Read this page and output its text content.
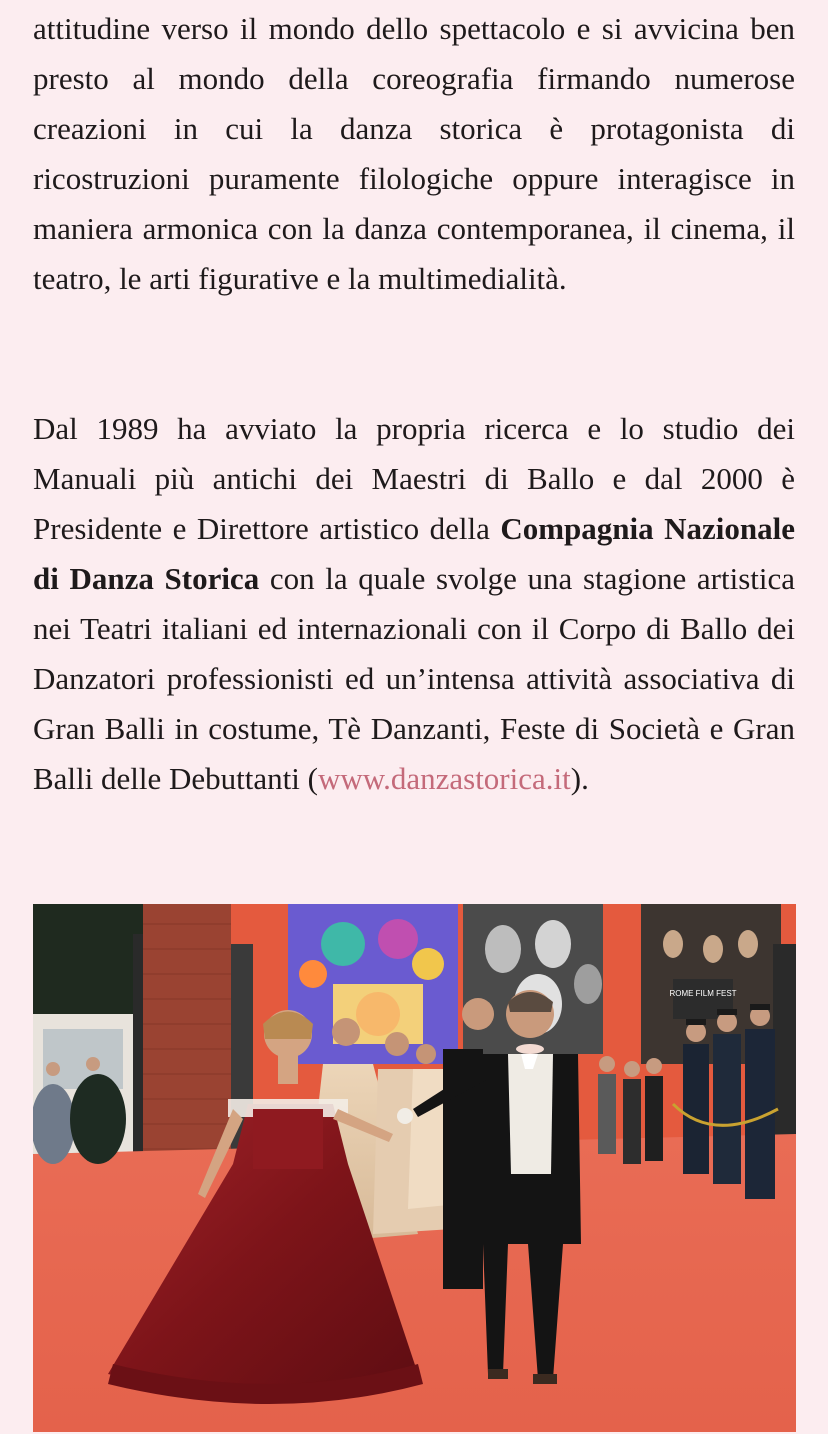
attitudine verso il mondo dello spettacolo e si avvicina ben presto al mondo della coreografia firmando numerose creazioni in cui la danza storica è protagonista di ricostruzioni puramente filologiche oppure interagisce in maniera armonica con la danza contemporanea, il cinema, il teatro, le arti figurative e la multimedialità.

Dal 1989 ha avviato la propria ricerca e lo studio dei Manuali più antichi dei Maestri di Ballo e dal 2000 è Presidente e Direttore artistico della Compagnia Nazionale di Danza Storica con la quale svolge una stagione artistica nei Teatri italiani ed internazionali con il Corpo di Ballo dei Danzatori professionisti ed un’intensa attività associativa di Gran Balli in costume, Tè Danzanti, Feste di Società e Gran Balli delle Debuttanti (www.danzastorica.it).

ROME FILM FEST
